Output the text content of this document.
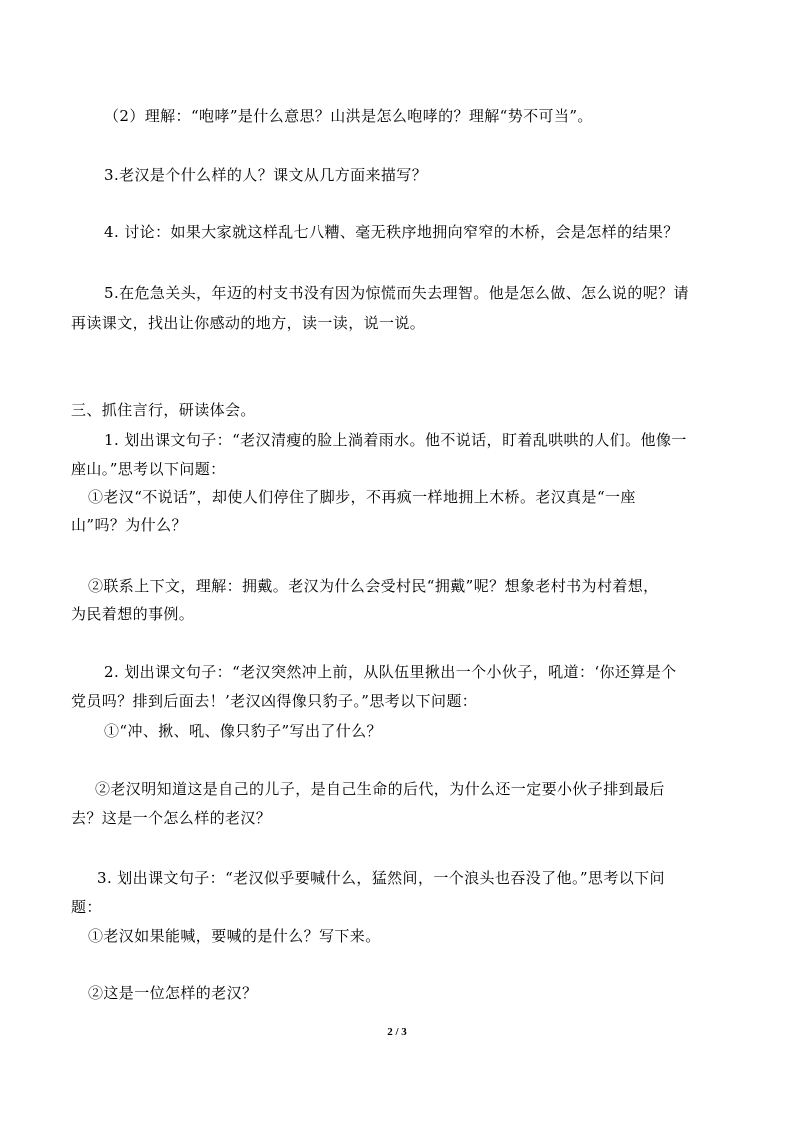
（2）理解：“咆哮”是什么意思？山洪是怎么咆哮的？理解“势不可当”。
3.老汉是个什么样的人？课文从几方面来描写？
4. 讨论：如果大家就这样乱七八糟、毫无秩序地拥向窄窄的木桥，会是怎样的结果？
5.在危急关头，年迈的村支书没有因为惊慌而失去理智。他是怎么做、怎么说的呢？请
再读课文，找出让你感动的地方，读一读，说一说。
三、抓住言行，研读体会。
1. 划出课文句子：“老汉清瘦的脸上淌着雨水。他不说话，盯着乱哄哄的人们。他像一
座山。”思考以下问题：
①老汉“不说话”，却使人们停住了脚步，不再疯一样地拥上木桥。老汉真是“一座
山”吗？为什么？
②联系上下文，理解：拥戴。老汉为什么会受村民“拥戴”呢？想象老村书为村着想，
为民着想的事例。
2. 划出课文句子：“老汉突然冲上前，从队伍里揪出一个小伙子，吼道：‘你还算是个
党员吗？排到后面去！’老汉凶得像只豹子。”思考以下问题：
①“冲、揪、吼、像只豹子”写出了什么？
②老汉明知道这是自己的儿子，是自己生命的后代，为什么还一定要小伙子排到最后
去？这是一个怎么样的老汉？
3. 划出课文句子：“老汉似乎要喊什么，猛然间，一个浪头也吞没了他。”思考以下问
题：
①老汉如果能喊，要喊的是什么？写下来。
②这是一位怎样的老汉？
2 / 3
